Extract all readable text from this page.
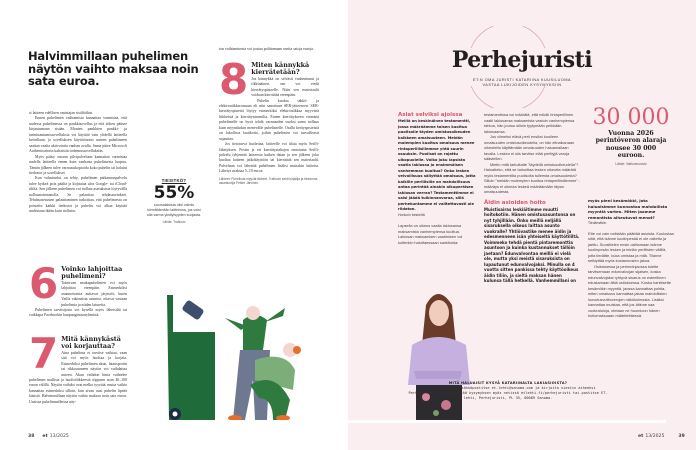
Halvimmillaan puhelimen näytön vaihto maksaa noin sata euroa.

si laitteen edellisen omistajan sisältöihin.

Ennen puhelimen vaihtamista kannattaa varmistaa, että uudessa puhelimessa on pankkisovellus ja että siihen pääsee kirjautumaan sisään. Monien pankkien pankki- ja tunnistautumissovelluksia voi käyttää vain yhdellä laitteella kerrallaan, ja sovelluksen käyttöönotto uuteen puhelimeen saattaa vaatia aktivointia vanhan avulla. Sama pätee Microsoft Authenticatorin kaltaisiin todennussovelluksiin.

Myös pääsy omaan pilvipalveluun kannattaa varmistaa uudella laitteella ennen kuin vanhasta puhelimesta luopuu. Tämän jälkeen tulee varmuuskopioida koko puhelin tai halutut tiedostot ja sovellukset.

Kun valmistelut on tehty, puhelimen paikannuspalvelu tulee kytkeä pois päältä ja kirjautua ulos Google- tai iCloud-tililtä. Sen jälkeen puhelimen voi nollata asetuksista löytyvällä nollaustoiminnolla. Se palauttaa tehdasasetukset. Tehdasasetusten palauttaminen tarkoittaa, että puhelimesta on poistettu kaikki tiedostot ja puhelin voi alkaa käyttää uudestaan ikään kuin nollattu.

6 Voinko lahjoittaa puhelimeni?

Toimivan matkapuhelimen voi myös lahjoittaa eteenpäin. Esimerkiksi asunnottomia auttavat järjestöt, kuten Vailla vakinaista asuntoa, ottavat vastaan puhelimia ja niiden latureita.

Puhelimen tarvitsijoita voi kysellä myös läheisiltä tai vaikkapa Facebookin kaupunginosaryhmistä.

7 Mitä kännykästä voi korjauttaa?

Aina puhelinta ei tarvitse vaihtaa, vaan sitä voi myös huoltaa ja korjata. Esimerkiksi puhelimen akun, latausportin tai rikkoutuneen näytön voi vaihdattaa uuteen. Akun vaihdon hinta vaihtelee puhelimen mallista ja huoltoliikkeestä riippuen noin 40–100 euron välillä. Näytön vaihdot ovat melko tyyriitä, mutta vaihto kannattaa esimerkiksi silloin, kun aivan uusi puhelin lipeää käsistä. Halvimmillaan näytön vaihto maksaa noin sata euroa. Uusissa puhelinmalleissa näy-

TIESITKÖ?
55%
suomalaisista olisi valmis kierrättämään laitteensa, jos voisi olla varma yksityisyyden suojasta.
Lähde: Traficom

ton vaihtamisesta voi joutua pulittamaan useita satoja euroja.

8 Miten kännykkä kierrätetään?

Jos kännykkä on selvästi vanhentunut ja rikkinäinen, sen voi viedä kierrätyspisteelle. Näin sen materiaalit voidaan kierrättää eteenpäin.

Puhelin kuuluu sähkö- ja elektroniikkaromuun eli niin sanottuun SER-jätteeseen. SER-kierrätyspisteitä löytyy esimerkiksi elektroniikkaa myyvistä liikkeistä ja kierrätysasemilta. Ennen kierrätykseen viemistä puhelimelle on hyvä tehdä varmuuden vuoksi sama nollaus kuin myyntiinkin menevälle puhelimelle. Osalla keräyspisteistä on lukollisia laatikoita, joihin puhelimen voi turvallisesti sujauttaa.

Jos tietoturva huolettaa, laitteelle voi tilata myös Seiffi-lähetyksen. Postin ja eri kierrätystahojen omistama Seiffi-palvelu tyhjentää laitteesta kaiken datan ja sen jälkeen joko huoltaa laitteen jatkokäyttöön tai kierrättää sen materiaalit. Palveluun voi lähettää puhelimen lisäksi muitakin laitteita. Lähetys maksaa 5–10 euroa.

Lähteet: Puhelimia myyvät liikkeet, Traficom sekä kirjailija ja tietoturva-asiantuntija Petteri Järvinen.
38 et 13/2025
Perhejuristi
ET:N OMA JURISTI KATARIINA KUUSILUOMA
VASTAA LUKIJOIDEN KYSYMYKSIIN
Asiat selviksi ajoissa
Meillä on keskinäinen testamentti, jossa määräämme toisen kuoltua puolisolle täyden omistusoikeuden kaikkeen omaisuuteen. Meidän molempien kuoltua omaisuus menee rintaperillisillemme yhtä suurin osuuksin. Puolisot on rajattu ulkopuolelle. Voiko joku lapsista vaatia lakiosaa jo ensimmäisen vanhemman kuoltua? Onko lesken velvollisuus säilyttää omaisuus, jotta kaikille perillisille on mahdollisuus antaa perintöä ainakin alkuperäisen lakiosan verran? Testamenttimme ei saisi jäädä tulkinnanvaraa, sillä perhekuntamme ei valitettavasti ole riidaton.
Honkoin keskeltä
Lapsella on oikeus vaatia lakiosansa maksamista vanhempiensa kuoltua. Lakiosan maksamisen vaatimisen voi kuitenkin haluttaessaan sanktioida:
testamentissa voi määrätä, että mikäli rintaperillinen vaatii lakiosansa maksamista vastoin vanhempiensa tahtoa, hän joutuu silloin tyytymään pelkkään lakiosaansa.
Jos viimeksi elävä perii ensiksi kuolleen omaisuuden omistusoikeudella, on hän elinaikanaan oikeutettu käyttämään omaisuuden haluamallaan tavalla. Lesken ei siis tarvitse elää perittyjä varoja säästellen.
Mietin mitä tarkoitatte ”täydellä omistusoikeudella”? Haluatteko, että se tarkoittaa lesken oikeutta määrätä myös testamentilla puolisolta tulleesta omaisuudesta? Silloin ”meidän molempien kuoltua rintaperillisillemme” -määräys ei oikeuta leskeä määräämään täysin omaisuudesta.
Äidin asioiden hoito
Muistisairas leskiäitimme muutti hoitokotiin. Hänen omistusasuntonsa on nyt tyhjillään. Onko meillä neljällä sisaruksella oikeus laittaa asunto vuokralle? Yhtiövastike menee äidin ja edesmenneen isän yhteiseltä käyttötililtä. Voimmeko tehdä pientä pintaremonttia asuntoon ja kuinka kustannukset tällöin jaetaan? Edunvalvontaa meillä ei vielä ole, mutta yksi meistä sisaruksista on lupautunut edunvalvojaksi. Minulla on 4 vuotta sitten pankissa tehty käyttöoikeus äidin tiliin, ja sieltä maksan hänen kulunsa tällä hetkellä. Vanhemmillani on
30 000
Vuonna 2026 perintöveron alaraja nousee 30 000 euroon.
Lähde: Valtioneuvosto
myös pieni kesämökki, jota haluaisimme kunnostaa mahdollista myyntiä varten. Miten jaamme remontista aiheutuvat menot? Tiedämätön
Ette voi vain nelistään päättää asioista. Kuulostaa siltä, että isänne kuolinpesää ei ole ositettu ja jaettu. Suosittelen ensin osittamaan isänne kuolinpesän lesken ja teidän perillisten välillä, jotta tiedätte, kuka omistaa ja mitä. Tilanne selkiyttää myös kustannusten jakoa.
Osituksessa ja perinnönjaossa tulette tarvitsemaan edunvalvojan sijaisen, koska edunvalvojaksi ryhtyvä sisarus on esteellinen edustamaan äitiä osituksessa. Koska harkitsette kesämökin myyntiä, jaossa kannattaa pohtia, miten omaisuus kannattaa jakaa mahdollisten luovutusvoittoverojen näkökulmasta. Lisäksi kannattaa muistaa, että jos äitinne saa vuokratuloja, otetaan ne huomioon hänen hoitomaksuaan määritettäessä.
MITÄ HALUAISIT KYSYÄ KATARIINALTA LAKIASIOISTA?
Lähetä kysymyksesi sähköpostitse et-lehti@sanoma.com ja kirjoita viestin aiheeksi Perhejuristi. Voit lähettää kysymyksen myös netissä etlehti.fi/perhejuristi tai postitse ET-lehti, Perhejuristi, PL 35, 00089 Sanoma.
et 13/2025	39
